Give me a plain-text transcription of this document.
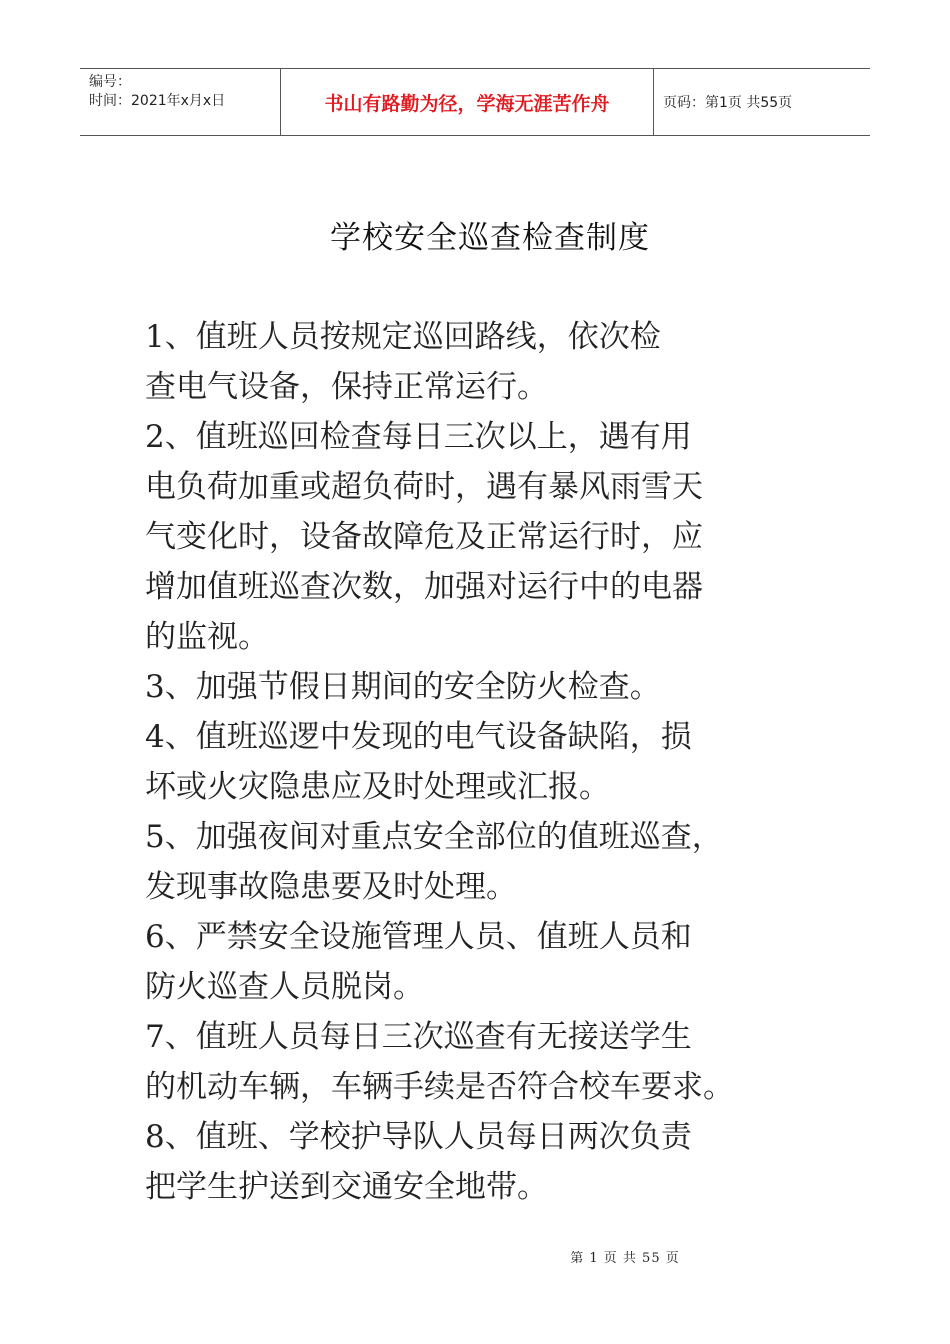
编号：
时间：2021年x月x日	书山有路勤为径，学海无涯苦作舟	页码：第1页 共55页
学校安全巡查检查制度

1、值班人员按规定巡回路线，依次检
查电气设备，保持正常运行。

2、值班巡回检查每日三次以上，遇有用
电负荷加重或超负荷时，遇有暴风雨雪天
气变化时，设备故障危及正常运行时，应
增加值班巡查次数，加强对运行中的电器
的监视。

3、加强节假日期间的安全防火检查。

4、值班巡逻中发现的电气设备缺陷，损
坏或火灾隐患应及时处理或汇报。

5、加强夜间对重点安全部位的值班巡查，
发现事故隐患要及时处理。

6、严禁安全设施管理人员、值班人员和
防火巡查人员脱岗。

7、值班人员每日三次巡查有无接送学生
的机动车辆，车辆手续是否符合校车要求。

8、值班、学校护导队人员每日两次负责
把学生护送到交通安全地带。

第 1 页 共 55 页
